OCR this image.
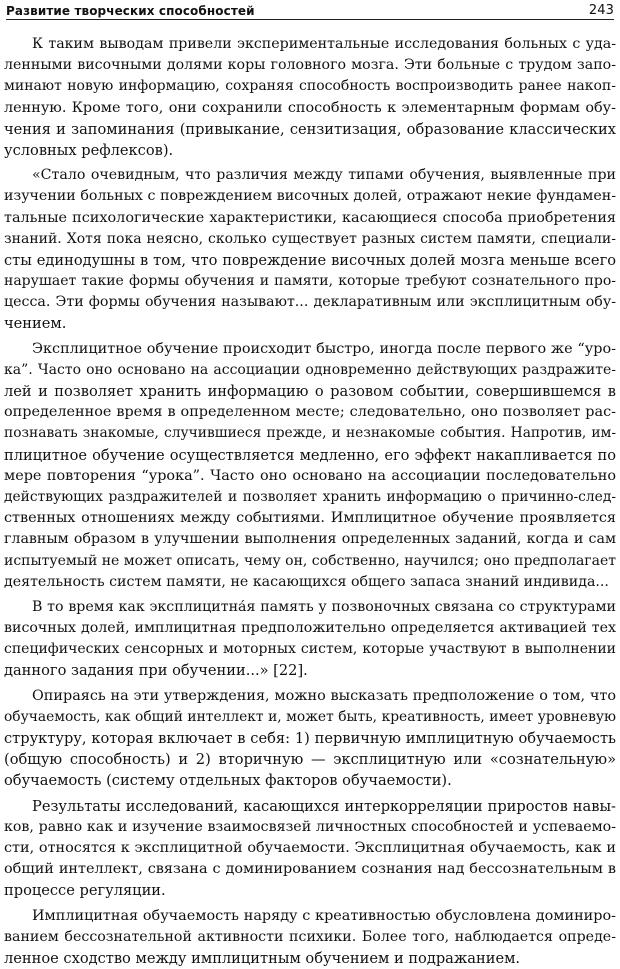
Развитие творческих способностей	243

К таким выводам привели экспериментальные исследования больных с уда-
ленными височными долями коры головного мозга. Эти больные с трудом запо-
минают новую информацию, сохраняя способность воспроизводить ранее накоп-
ленную. Кроме того, они сохранили способность к элементарным формам обу-
чения и запоминания (привыкание, сензитизация, образование классических
условных рефлексов).

«Стало очевидным, что различия между типами обучения, выявленные при
изучении больных с повреждением височных долей, отражают некие фундамен-
тальные психологические характеристики, касающиеся способа приобретения
знаний. Хотя пока неясно, сколько существует разных систем памяти, специали-
сты единодушны в том, что повреждение височных долей мозга меньше всего
нарушает такие формы обучения и памяти, которые требуют сознательного про-
цесса. Эти формы обучения называют... декларативным или эксплицитным обу-
чением.

Эксплицитное обучение происходит быстро, иногда после первого же “уро-
ка”. Часто оно основано на ассоциации одновременно действующих раздражите-
лей и позволяет хранить информацию о разовом событии, совершившемся в
определенное время в определенном месте; следовательно, оно позволяет рас-
познавать знакомые, случившиеся прежде, и незнакомые события. Напротив, им-
плицитное обучение осуществляется медленно, его эффект накапливается по
мере повторения “урока”. Часто оно основано на ассоциации последовательно
действующих раздражителей и позволяет хранить информацию о причинно-след-
ственных отношениях между событиями. Имплицитное обучение проявляется
главным образом в улучшении выполнения определенных заданий, когда и сам
испытуемый не может описать, чему он, собственно, научился; оно предполагает
деятельность систем памяти, не касающихся общего запаса знаний индивида...

В то время как эксплицитна́я память у позвоночных связана со структурами
височных долей, имплицитная предположительно определяется активацией тех
специфических сенсорных и моторных систем, которые участвуют в выполнении
данного задания при обучении...» [22].

Опираясь на эти утверждения, можно высказать предположение о том, что
обучаемость, как общий интеллект и, может быть, креативность, имеет уровневую
структуру, которая включает в себя: 1) первичную имплицитную обучаемость
(общую способность) и 2) вторичную — эксплицитную или «сознательную»
обучаемость (систему отдельных факторов обучаемости).

Результаты исследований, касающихся интеркорреляции приростов навы-
ков, равно как и изучение взаимосвязей личностных способностей и успеваемо-
сти, относятся к эксплицитной обучаемости. Эксплицитная обучаемость, как и
общий интеллект, связана с доминированием сознания над бессознательным в
процессе регуляции.

Имплицитная обучаемость наряду с креативностью обусловлена доминиро-
ванием бессознательной активности психики. Более того, наблюдается опреде-
ленное сходство между имплицитным обучением и подражанием.
